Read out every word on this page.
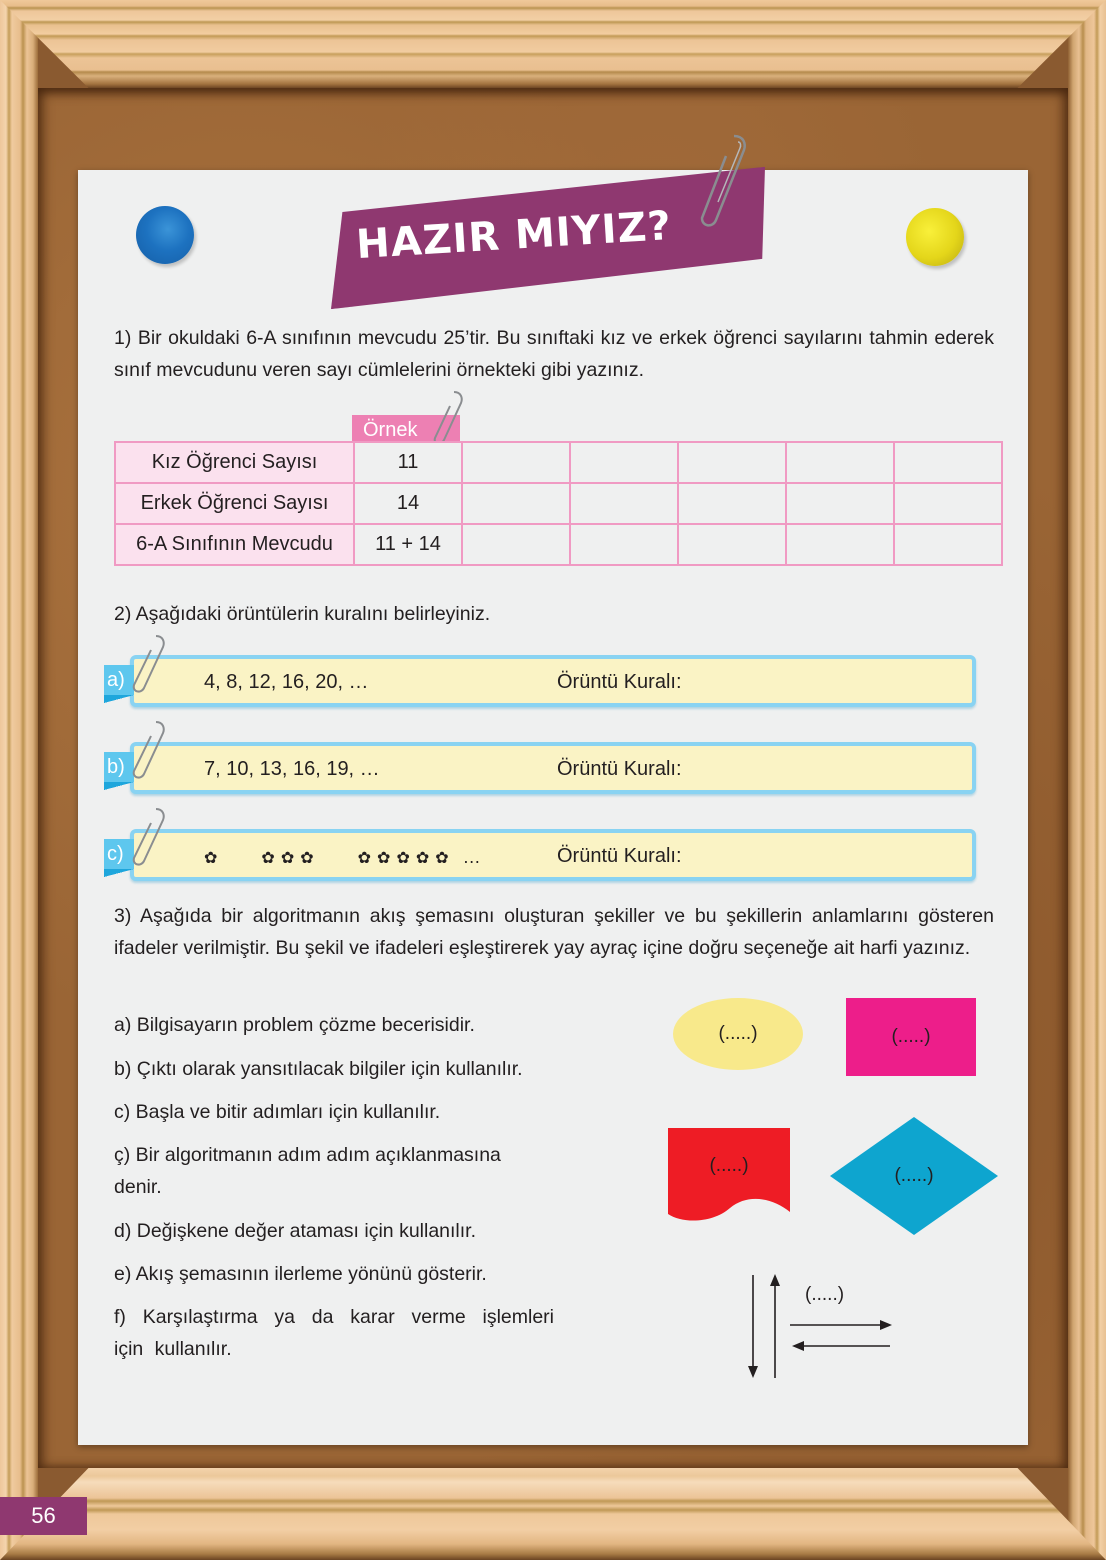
HAZIR MIYIZ?
1) Bir okuldaki 6-A sınıfının mevcudu 25’tir. Bu sınıftaki kız ve erkek öğrenci sayılarını tahmin ederek sınıf mevcudunu veren sayı cümlelerini örnekteki gibi yazınız.
Örnek
Kız Öğrenci Sayısı	11					
Erkek Öğrenci Sayısı	14					
6-A Sınıfının Mevcudu	11 + 14					
2) Aşağıdaki örüntülerin kuralını belirleyiniz.
4, 8, 12, 16, 20, …	Örüntü Kuralı:
a)
7, 10, 13, 16, 19, …	Örüntü Kuralı:
b)
✿	✿ ✿ ✿	✿ ✿ ✿ ✿ ✿ …	Örüntü Kuralı:
c)
3) Aşağıda bir algoritmanın akış şemasını oluşturan şekiller ve bu şekillerin anlamlarını gösteren ifadeler verilmiştir. Bu şekil ve ifadeleri eşleştirerek yay ayraç içine doğru seçeneğe ait harfi yazınız.
a) Bilgisayarın problem çözme becerisidir.
b) Çıktı olarak yansıtılacak bilgiler için kullanılır.
c) Başla ve bitir adımları için kullanılır.
ç) Bir algoritmanın adım adım açıklanmasına denir.
d) Değişkene değer ataması için kullanılır.
e) Akış şemasının ilerleme yönünü gösterir.
f) Karşılaştırma ya da karar verme işlemleri için kullanılır.
(.....)	(.....)
(.....)	(.....)
(.....)
56
